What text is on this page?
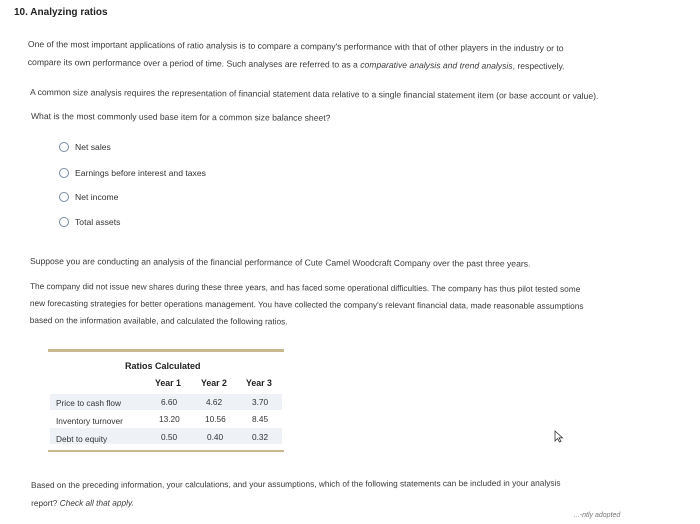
10. Analyzing ratios
One of the most important applications of ratio analysis is to compare a company's performance with that of other players in the industry or to
compare its own performance over a period of time. Such analyses are referred to as a comparative analysis and trend analysis, respectively.
A common size analysis requires the representation of financial statement data relative to a single financial statement item (or base account or value).
What is the most commonly used base item for a common size balance sheet?
Net sales
Earnings before interest and taxes
Net income
Total assets
Suppose you are conducting an analysis of the financial performance of Cute Camel Woodcraft Company over the past three years.
The company did not issue new shares during these three years, and has faced some operational difficulties. The company has thus pilot tested some
new forecasting strategies for better operations management. You have collected the company's relevant financial data, made reasonable assumptions
based on the information available, and calculated the following ratios.
Ratios Calculated
Year 1 Year 2 Year 3
Price to cash flow	6.60	4.62	3.70
Inventory turnover	13.20	10.56	8.45
Debt to equity	0.50	0.40	0.32
Based on the preceding information, your calculations, and your assumptions, which of the following statements can be included in your analysis
report? Check all that apply.
...-ntly adopted
